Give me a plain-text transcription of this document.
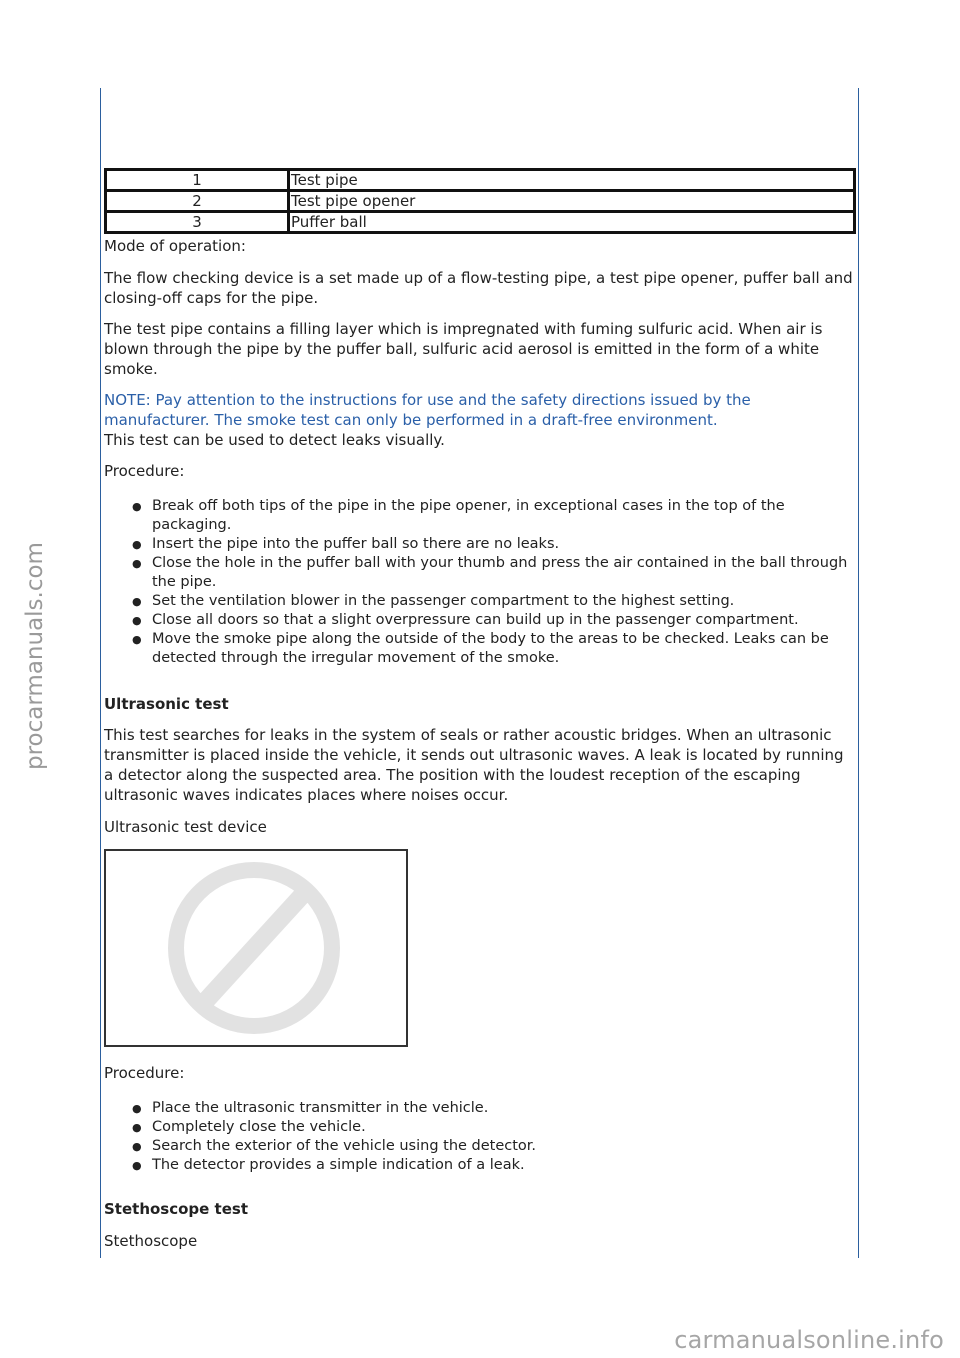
procarmanuals.com
1	Test pipe
2	Test pipe opener
3	Puffer ball

Mode of operation:

The flow checking device is a set made up of a flow-testing pipe, a test pipe opener, puffer ball and closing-off caps for the pipe.

The test pipe contains a filling layer which is impregnated with fuming sulfuric acid. When air is blown through the pipe by the puffer ball, sulfuric acid aerosol is emitted in the form of a white smoke.

NOTE: Pay attention to the instructions for use and the safety directions issued by the manufacturer. The smoke test can only be performed in a draft-free environment.

This test can be used to detect leaks visually.

Procedure:

● Break off both tips of the pipe in the pipe opener, in exceptional cases in the top of the packaging.
● Insert the pipe into the puffer ball so there are no leaks.
● Close the hole in the puffer ball with your thumb and press the air contained in the ball through the pipe.
● Set the ventilation blower in the passenger compartment to the highest setting.
● Close all doors so that a slight overpressure can build up in the passenger compartment.
● Move the smoke pipe along the outside of the body to the areas to be checked. Leaks can be detected through the irregular movement of the smoke.
Ultrasonic test

This test searches for leaks in the system of seals or rather acoustic bridges. When an ultrasonic transmitter is placed inside the vehicle, it sends out ultrasonic waves. A leak is located by running a detector along the suspected area. The position with the loudest reception of the escaping ultrasonic waves indicates places where noises occur.

Ultrasonic test device

Procedure:

● Place the ultrasonic transmitter in the vehicle.
● Completely close the vehicle.
● Search the exterior of the vehicle using the detector.
● The detector provides a simple indication of a leak.
Stethoscope test

Stethoscope

carmanualsonline.info
